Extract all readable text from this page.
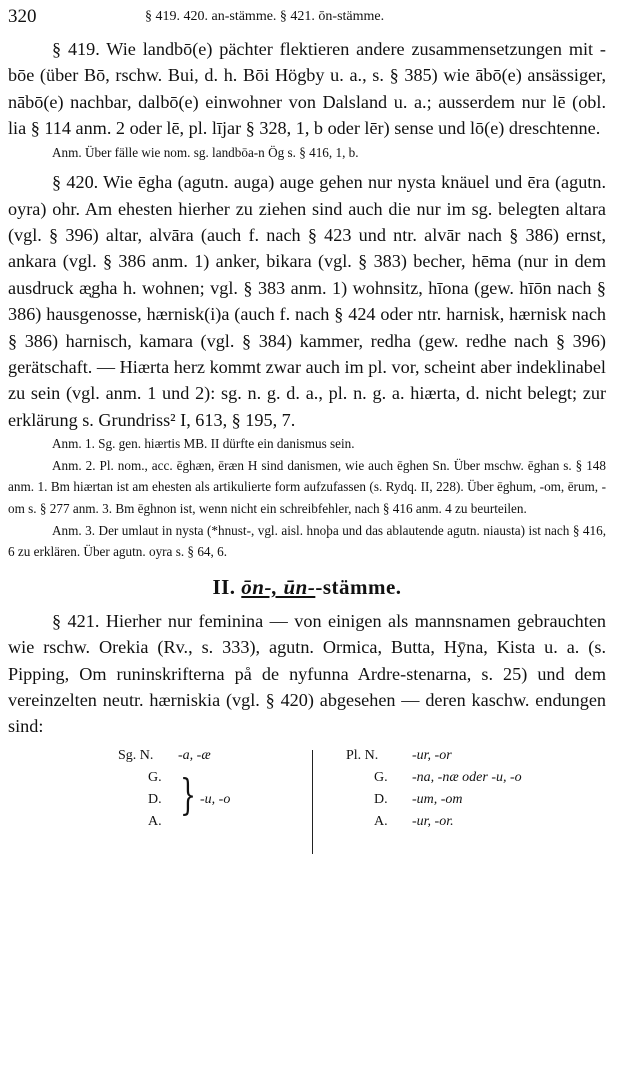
320	§ 419. 420. an-stämme. § 421. ōn-stämme.

§ 419. Wie landbō(e) pächter flektieren andere zusammensetzungen mit -bōe (über Bō, rschw. Bui, d. h. Bōi Högby u. a., s. § 385) wie ābō(e) ansässiger, nābō(e) nachbar, dalbō(e) einwohner von Dalsland u. a.; ausserdem nur lē (obl. lia § 114 anm. 2 oder lē, pl. lījar § 328, 1, b oder lēr) sense und lō(e) dreschtenne.

Anm. Über fälle wie nom. sg. landbōa-n Ög s. § 416, 1, b.

§ 420. Wie ēgha (agutn. auga) auge gehen nur nysta knäuel und ēra (agutn. oyra) ohr. Am ehesten hierher zu ziehen sind auch die nur im sg. belegten altara (vgl. § 396) altar, alvāra (auch f. nach § 423 und ntr. alvār nach § 386) ernst, ankara (vgl. § 386 anm. 1) anker, bikara (vgl. § 383) becher, hēma (nur in dem ausdruck æ̨gha h. wohnen; vgl. § 383 anm. 1) wohnsitz, hīona (gew. hīōn nach § 386) hausgenosse, hærnisk(i)a (auch f. nach § 424 oder ntr. harnisk, hærnisk nach § 386) harnisch, kamara (vgl. § 384) kammer, redha (gew. redhe nach § 396) gerätschaft. — Hiærta herz kommt zwar auch im pl. vor, scheint aber indeklinabel zu sein (vgl. anm. 1 und 2): sg. n. g. d. a., pl. n. g. a. hiærta, d. nicht belegt; zur erklärung s. Grundriss² I, 613, § 195, 7.

Anm. 1. Sg. gen. hiærtis MB. II dürfte ein danismus sein.

Anm. 2. Pl. nom., acc. ēghæn, ēræn H sind danismen, wie auch ēghen Sn. Über mschw. ēghan s. § 148 anm. 1. Bm hiærtan ist am ehesten als artikulierte form aufzufassen (s. Rydq. II, 228). Über ēghum, -om, ērum, -om s. § 277 anm. 3. Bm ēghnon ist, wenn nicht ein schreibfehler, nach § 416 anm. 4 zu beurteilen.

Anm. 3. Der umlaut in nysta (*hnust-, vgl. aisl. hnoþa und das ablautende agutn. niausta) ist nach § 416, 6 zu erklären. Über agutn. oyra s. § 64, 6.

II. ōn-, ūn--stämme.

§ 421. Hierher nur feminina — von einigen als mannsnamen gebrauchten wie rschw. Orekia (Rv., s. 333), agutn. Ormica, Butta, Hȳna, Kista u. a. (s. Pipping, Om runinskrifterna på de nyfunna Ardre-stenarna, s. 25) und dem vereinzelten neutr. hærniskia (vgl. § 420) abgesehen — deren kaschw. endungen sind:

Sg. N. -a, -æ
G.
D.
A.
} -u, -o
Pl. N. -ur, -or
G. -na, -næ oder -u, -o
D. -um, -om
A. -ur, -or.
